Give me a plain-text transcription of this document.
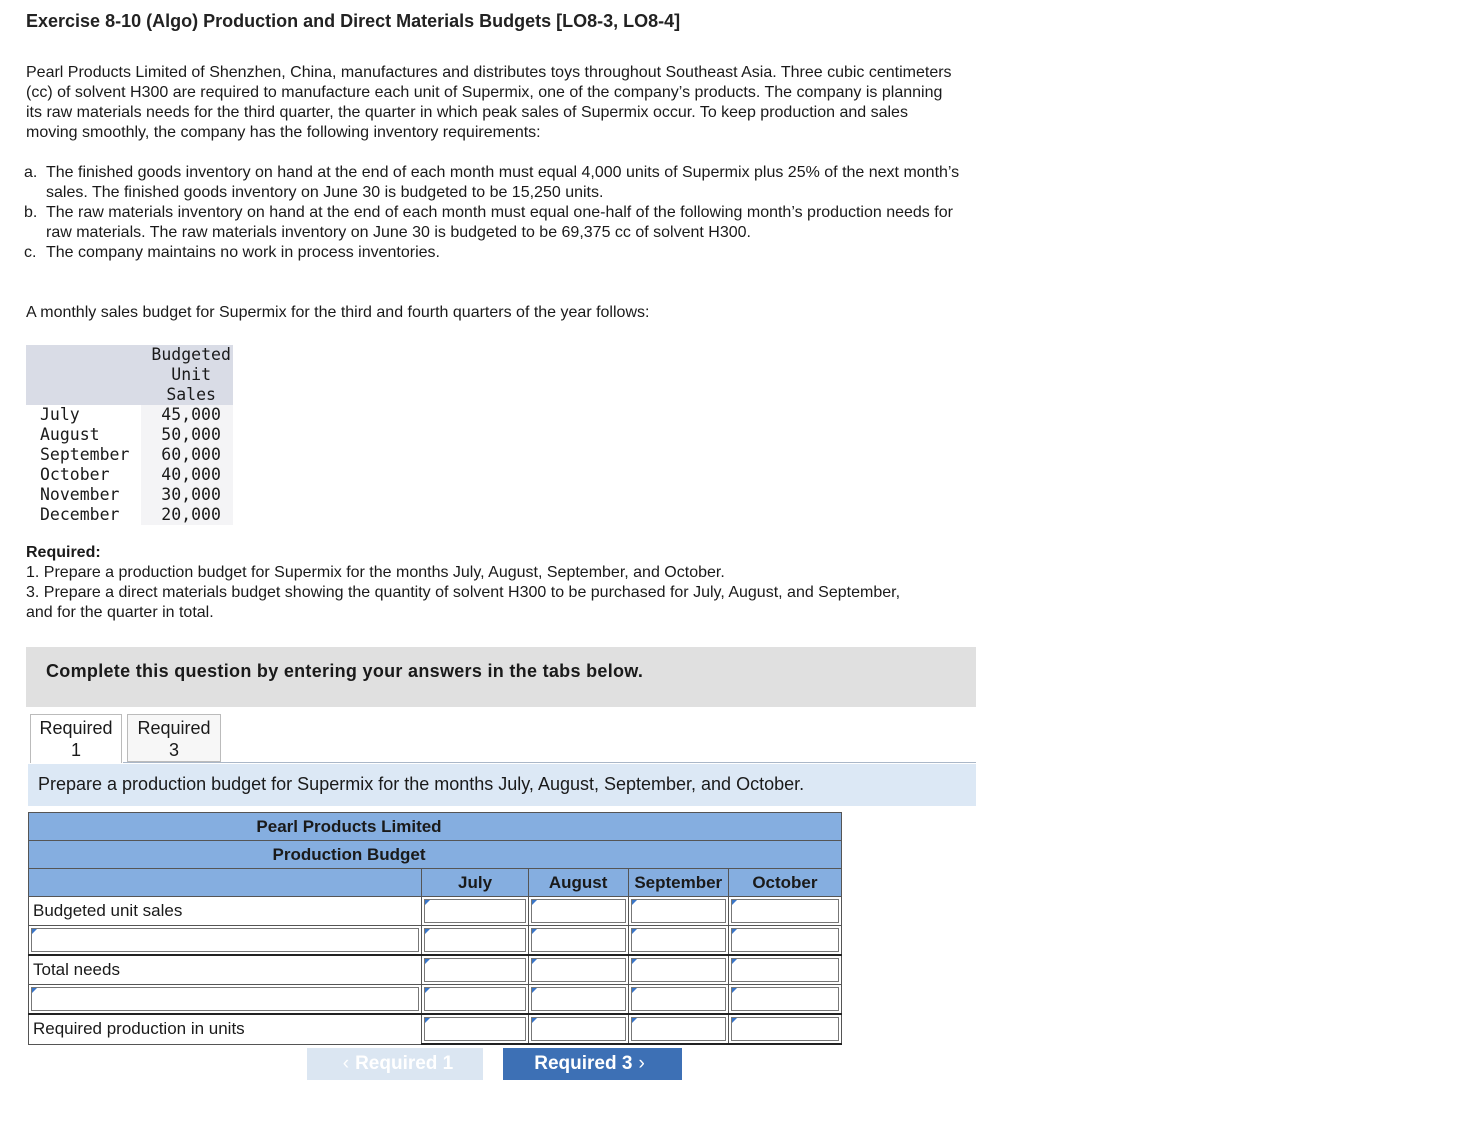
Exercise 8-10 (Algo) Production and Direct Materials Budgets [LO8-3, LO8-4]
Pearl Products Limited of Shenzhen, China, manufactures and distributes toys throughout Southeast Asia. Three cubic centimeters (cc) of solvent H300 are required to manufacture each unit of Supermix, one of the company’s products. The company is planning its raw materials needs for the third quarter, the quarter in which peak sales of Supermix occur. To keep production and sales moving smoothly, the company has the following inventory requirements:
a. The finished goods inventory on hand at the end of each month must equal 4,000 units of Supermix plus 25% of the next month’s sales. The finished goods inventory on June 30 is budgeted to be 15,250 units.
b. The raw materials inventory on hand at the end of each month must equal one-half of the following month’s production needs for raw materials. The raw materials inventory on June 30 is budgeted to be 69,375 cc of solvent H300.
c. The company maintains no work in process inventories.
A monthly sales budget for Supermix for the third and fourth quarters of the year follows:

	Budgeted
Unit
Sales

July	45,000
August	50,000
September	60,000
October	40,000
November	30,000
December	20,000
Required:
1. Prepare a production budget for Supermix for the months July, August, September, and October.
3. Prepare a direct materials budget showing the quantity of solvent H300 to be purchased for July, August, and September, and for the quarter in total.
Complete this question by entering your answers in the tabs below.
Required
1
Required
3
Prepare a production budget for Supermix for the months July, August, September, and October.
Pearl Products Limited				
Production Budget				
	July	August	September	October
Budgeted unit sales	

Total needs	

Required production in units	

‹ Required 1	Required 3 ›
